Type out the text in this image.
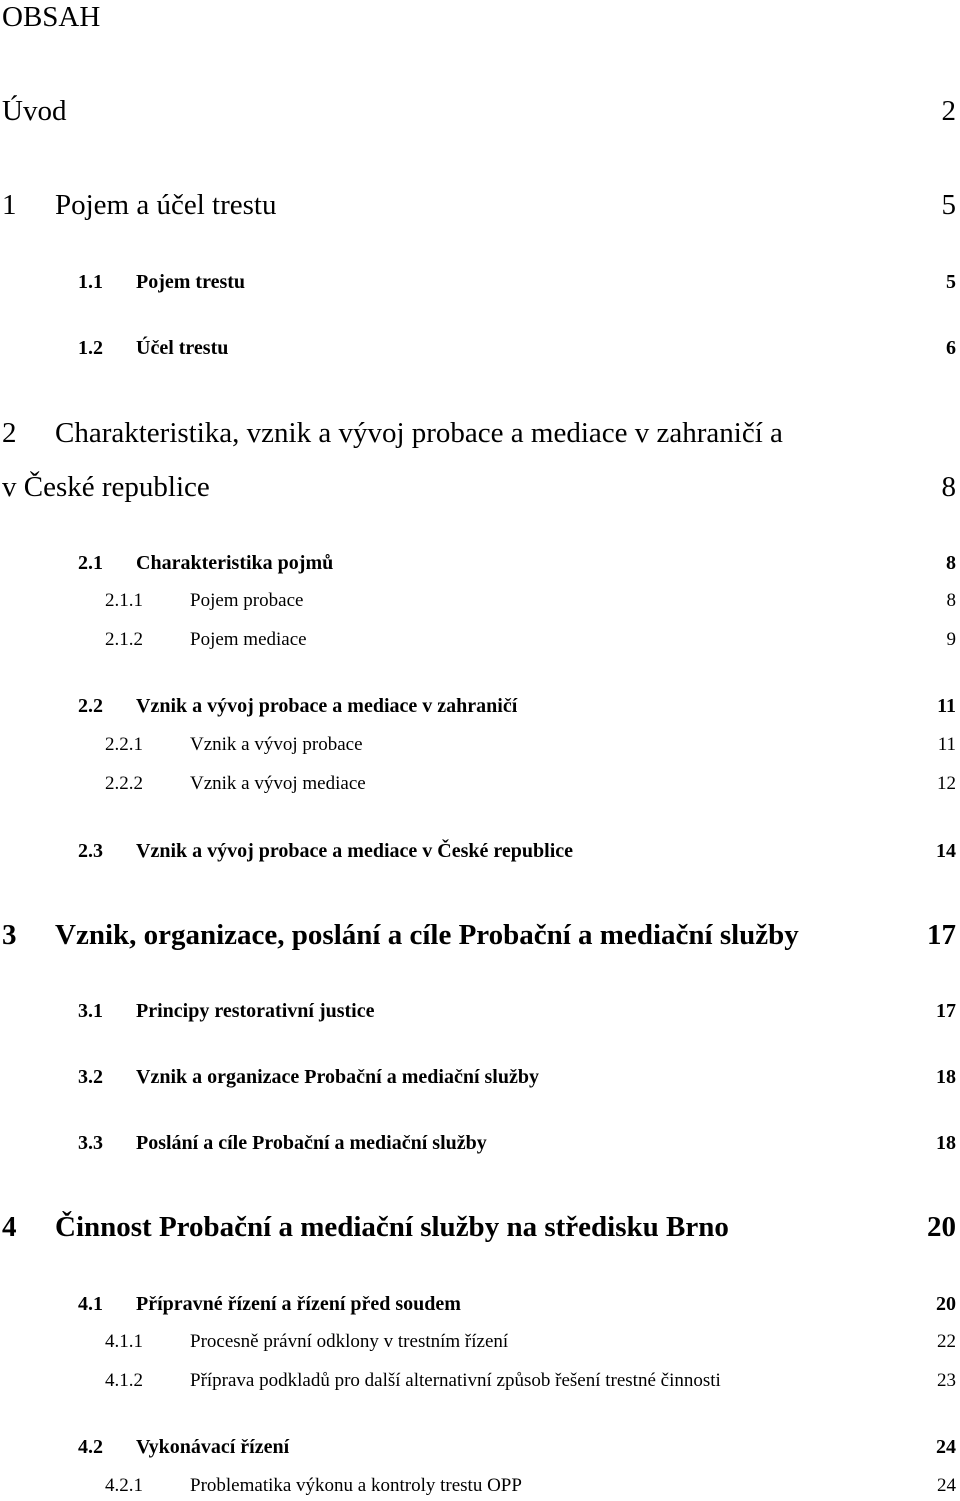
OBSAH
Úvod	2
1 Pojem a účel trestu	5
1.1 Pojem trestu	5
1.2 Účel trestu	6
2 Charakteristika, vznik a vývoj probace a mediace v zahraničí a
v České republice	8
2.1 Charakteristika pojmů	8
2.1.1 Pojem probace	8
2.1.2 Pojem mediace	9
2.2 Vznik a vývoj probace a mediace v zahraničí	11
2.2.1 Vznik a vývoj probace	11
2.2.2 Vznik a vývoj mediace	12
2.3 Vznik a vývoj probace a mediace v České republice	14
3 Vznik, organizace, poslání a cíle Probační a mediační služby	17
3.1 Principy restorativní justice	17
3.2 Vznik a organizace Probační a mediační služby	18
3.3 Poslání a cíle Probační a mediační služby	18
4 Činnost Probační a mediační služby na středisku Brno	20
4.1 Přípravné řízení a řízení před soudem	20
4.1.1 Procesně právní odklony v trestním řízení	22
4.1.2 Příprava podkladů pro další alternativní způsob řešení trestné činnosti	23
4.2 Vykonávací řízení	24
4.2.1 Problematika výkonu a kontroly trestu OPP	24
